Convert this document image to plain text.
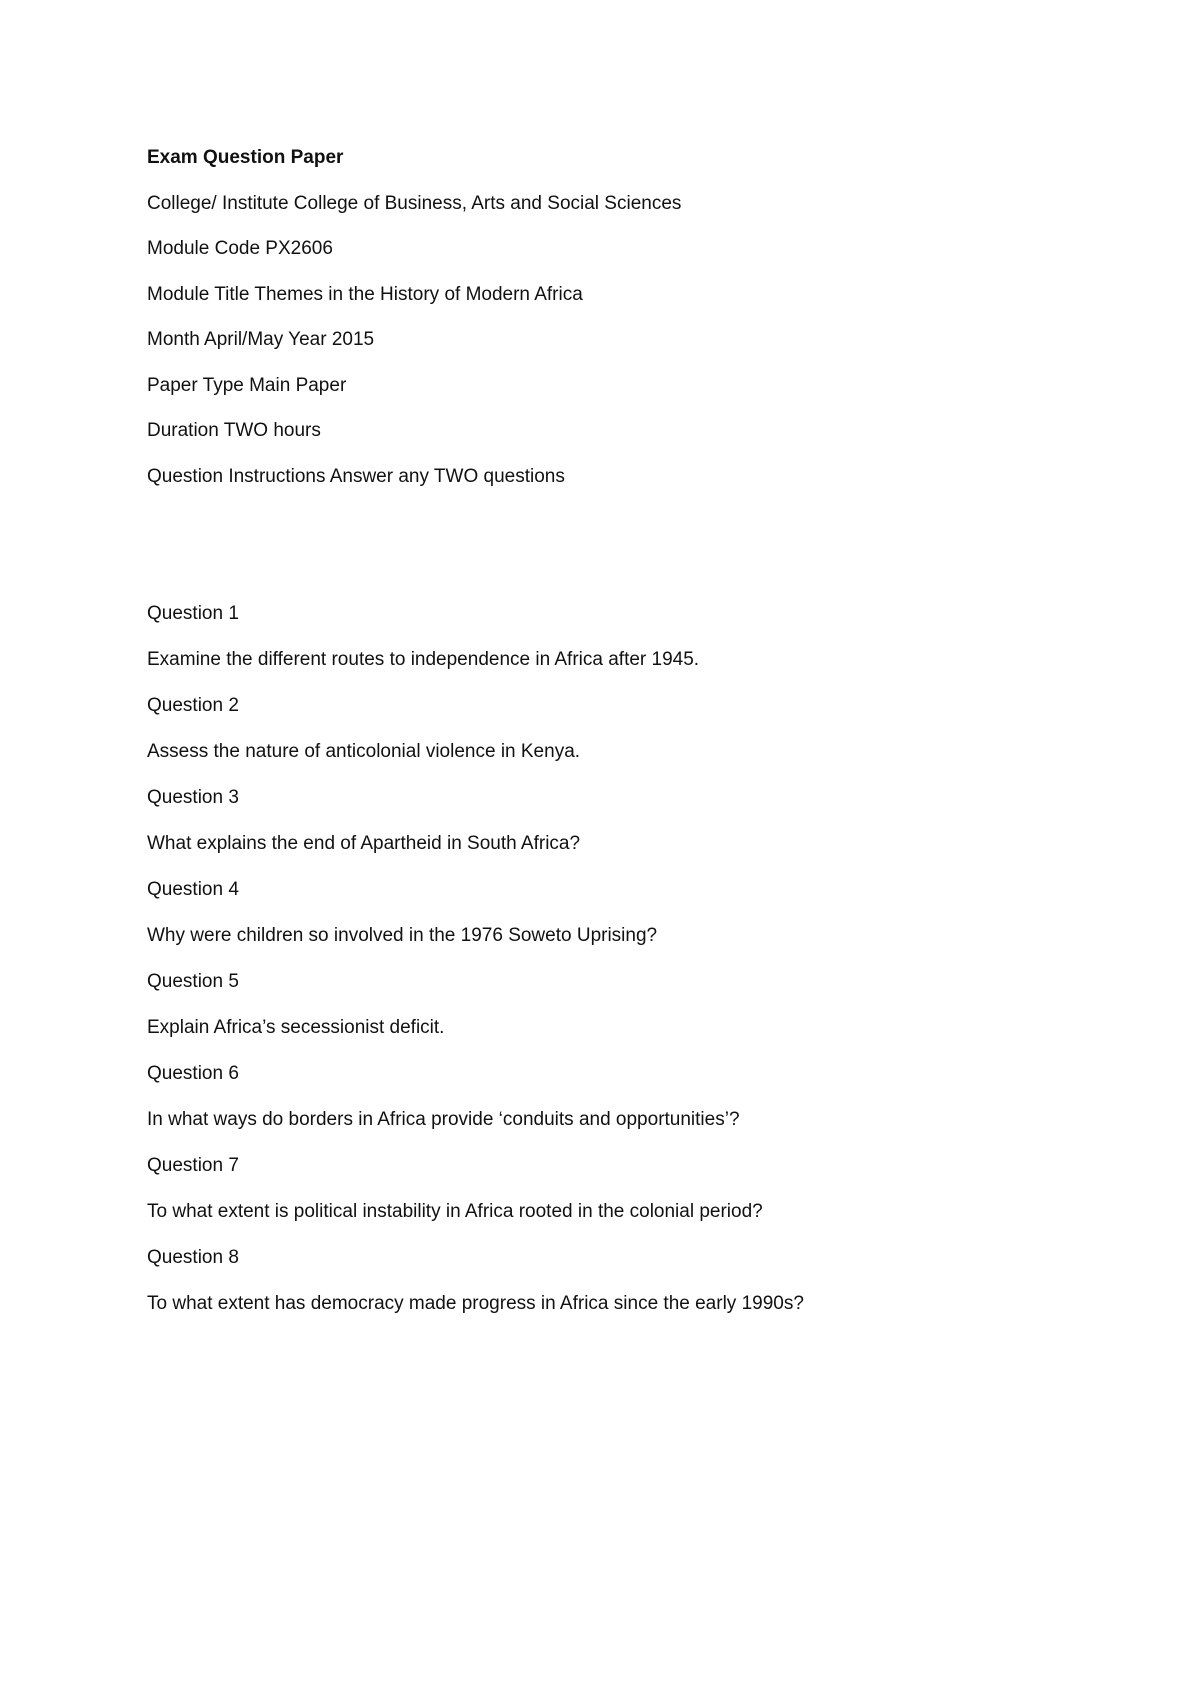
Exam Question Paper
College/ Institute College of Business, Arts and Social Sciences
Module Code PX2606
Module Title Themes in the History of Modern Africa
Month April/May Year 2015
Paper Type Main Paper
Duration TWO hours
Question Instructions Answer any TWO questions
Question 1
Examine the different routes to independence in Africa after 1945.
Question 2
Assess the nature of anticolonial violence in Kenya.
Question 3
What explains the end of Apartheid in South Africa?
Question 4
Why were children so involved in the 1976 Soweto Uprising?
Question 5
Explain Africa’s secessionist deficit.
Question 6
In what ways do borders in Africa provide ‘conduits and opportunities’?
Question 7
To what extent is political instability in Africa rooted in the colonial period?
Question 8
To what extent has democracy made progress in Africa since the early 1990s?
